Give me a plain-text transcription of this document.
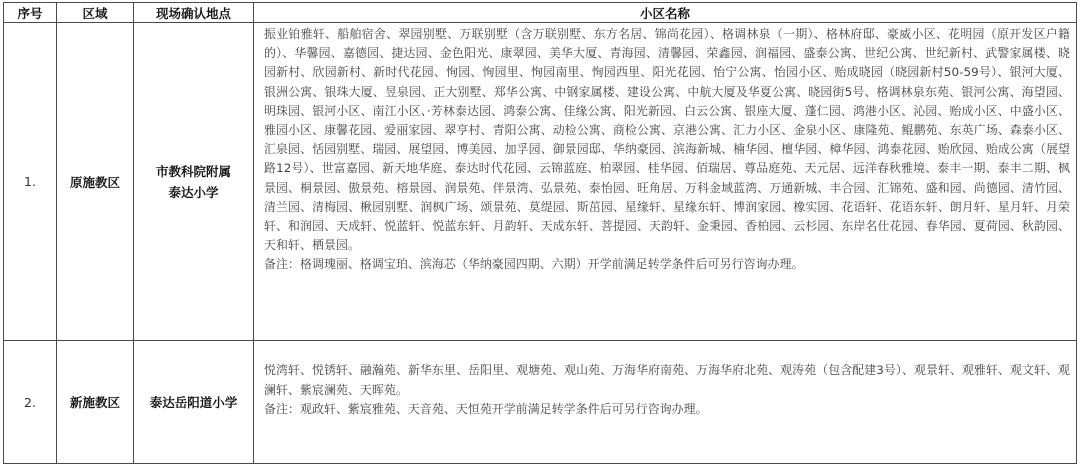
序号	区域	现场确认地点	小区名称
1.	原施教区	市教科院附属
泰达小学	振业铂雅轩、船舶宿舍、翠园别墅、万联别墅（含万联别墅、东方名居、锦尚花园）、格调林泉（一期）、格林府邸、豪威小区、花明园（原开发区户籍的）、华馨园、嘉德园、捷达园、金色阳光、康翠园、美华大厦、青海园、清馨园、荣鑫园、润福园、盛泰公寓、世纪公寓、世纪新村、武警家属楼、晓园新村、欣园新村、新时代花园、恂园、恂园里、恂园南里、恂园西里、阳光花园、怡宁公寓、怡园小区、贻成晓园（晓园新村50-59号）、银河大厦、银洲公寓、银珠大厦、昱泉园、正大别墅、郑华公寓、中钢家属楼、建设公寓、中航大厦及华夏公寓、晓园街5号、格调林泉东苑、银河公寓、海望园、明珠园、银河小区、南江小区、·芳林泰达园、鸿泰公寓、佳缘公寓、阳光新园、白云公寓、银座大厦、蓬仁园、鸿港小区、沁园、贻成小区、中盛小区、雅园小区、康馨花园、爱丽家园、翠亨村、青阳公寓、动检公寓、商检公寓、京港公寓、汇力小区、金泉小区、康隆苑、鲲鹏苑、东英广场、森泰小区、汇泉园、恬园别墅、瑞园、展望园、博美园、加孚园、御景园邸、华纳豪园、滨海新城、楠华园、檀华园、樟华园、鸿泰花园、贻欣园、贻成公寓（展望路12号）、世富嘉园、新天地华庭、泰达时代花园、云锦蓝庭、柏翠园、桂华园、佰瑞居、尊品庭苑、天元居、远洋春秋雅境、泰丰一期、泰丰二期、枫景园、桐景园、傲景苑、榕景园、润景苑、伴景湾、弘景苑、泰怡园、旺角居、万科金域蓝湾、万通新城、丰合园、汇锦苑、盛和园、尚德园、清竹园、清兰园、清梅园、楸园别墅、润枫广场、颂景苑、莫缇园、斯茁园、星缘轩、星缘东轩、博润家园、橡实园、花语轩、花语东轩、朗月轩、星月轩、月荣轩、和润园、天成轩、悦蓝轩、悦蓝东轩、月韵轩、天成东轩、菩提园、天韵轩、金秉园、香柏园、云杉园、东岸名仕花园、春华园、夏荷园、秋韵园、天和轩、栖景园。
备注：格调瑰丽、格调宝珀、滨海芯（华纳豪园四期、六期）开学前满足转学条件后可另行咨询办理。

2.	新施教区	泰达岳阳道小学	悦湾轩、悦锈轩、融瀚苑、新华东里、岳阳里、观塘苑、观山苑、万海华府南苑、万海华府北苑、观涛苑（包含配建3号）、观景轩、观雅轩、观文轩、观澜轩、紫宸澜苑、天晖苑。
备注：观政轩、紫宸雅苑、天音苑、天恒苑开学前满足转学条件后可另行咨询办理。
